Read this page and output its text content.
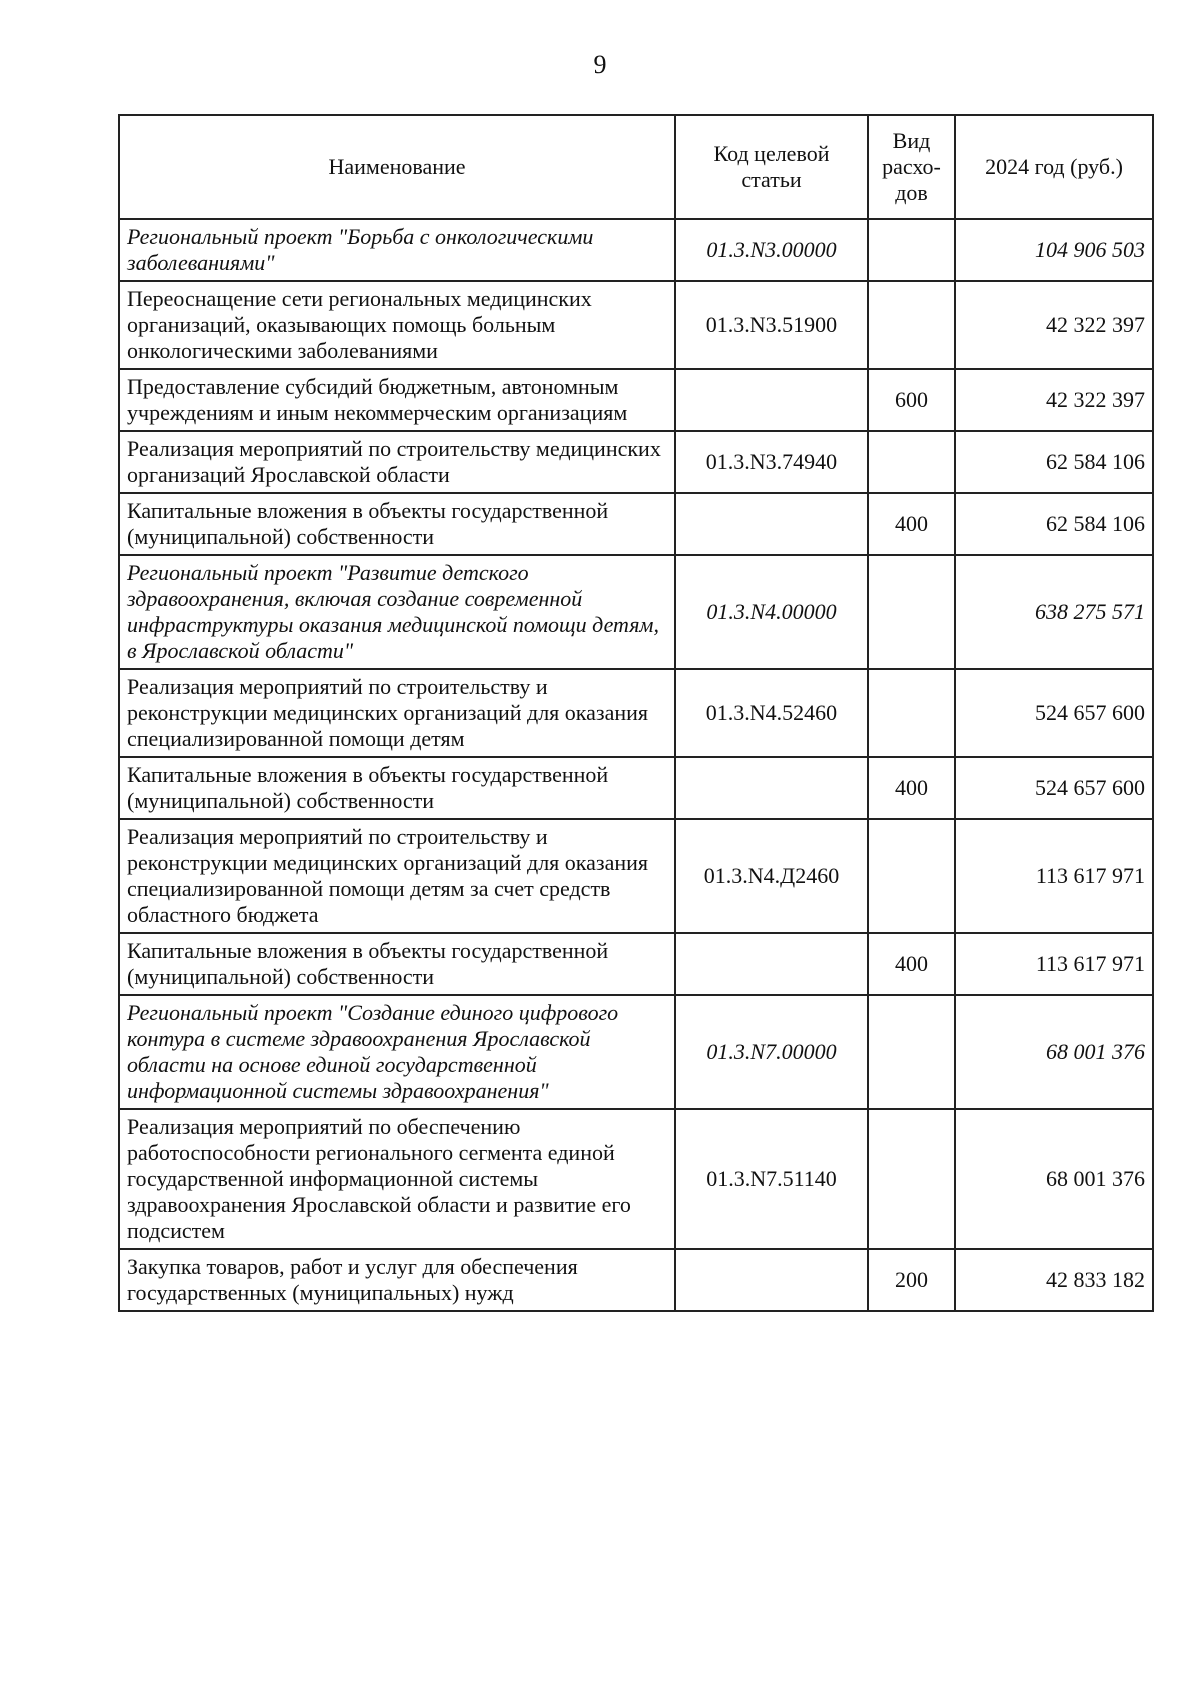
9
Наименование	Код целевой статьи	Вид расхо-дов	2024 год (руб.)
Региональный проект "Борьба с онкологическими заболеваниями"	01.3.N3.00000		104 906 503
Переоснащение сети региональных медицинских организаций, оказывающих помощь больным онкологическими заболеваниями	01.3.N3.51900		42 322 397
Предоставление субсидий бюджетным, автономным учреждениям и иным некоммерческим организациям		600	42 322 397
Реализация мероприятий по строительству медицинских организаций Ярославской области	01.3.N3.74940		62 584 106
Капитальные вложения в объекты государственной (муниципальной) собственности		400	62 584 106
Региональный проект "Развитие детского здравоохранения, включая создание современной инфраструктуры оказания медицинской помощи детям, в Ярославской области"	01.3.N4.00000		638 275 571
Реализация мероприятий по строительству и реконструкции медицинских организаций для оказания специализированной помощи детям	01.3.N4.52460		524 657 600
Капитальные вложения в объекты государственной (муниципальной) собственности		400	524 657 600
Реализация мероприятий по строительству и реконструкции медицинских организаций для оказания специализированной помощи детям за счет средств областного бюджета	01.3.N4.Д2460		113 617 971
Капитальные вложения в объекты государственной (муниципальной) собственности		400	113 617 971
Региональный проект "Создание единого цифрового контура в системе здравоохранения Ярославской области на основе единой государственной информационной системы здравоохранения"	01.3.N7.00000		68 001 376
Реализация мероприятий по обеспечению работоспособности регионального сегмента единой государственной информационной системы здравоохранения Ярославской области и развитие его подсистем	01.3.N7.51140		68 001 376
Закупка товаров, работ и услуг для обеспечения государственных (муниципальных) нужд		200	42 833 182
